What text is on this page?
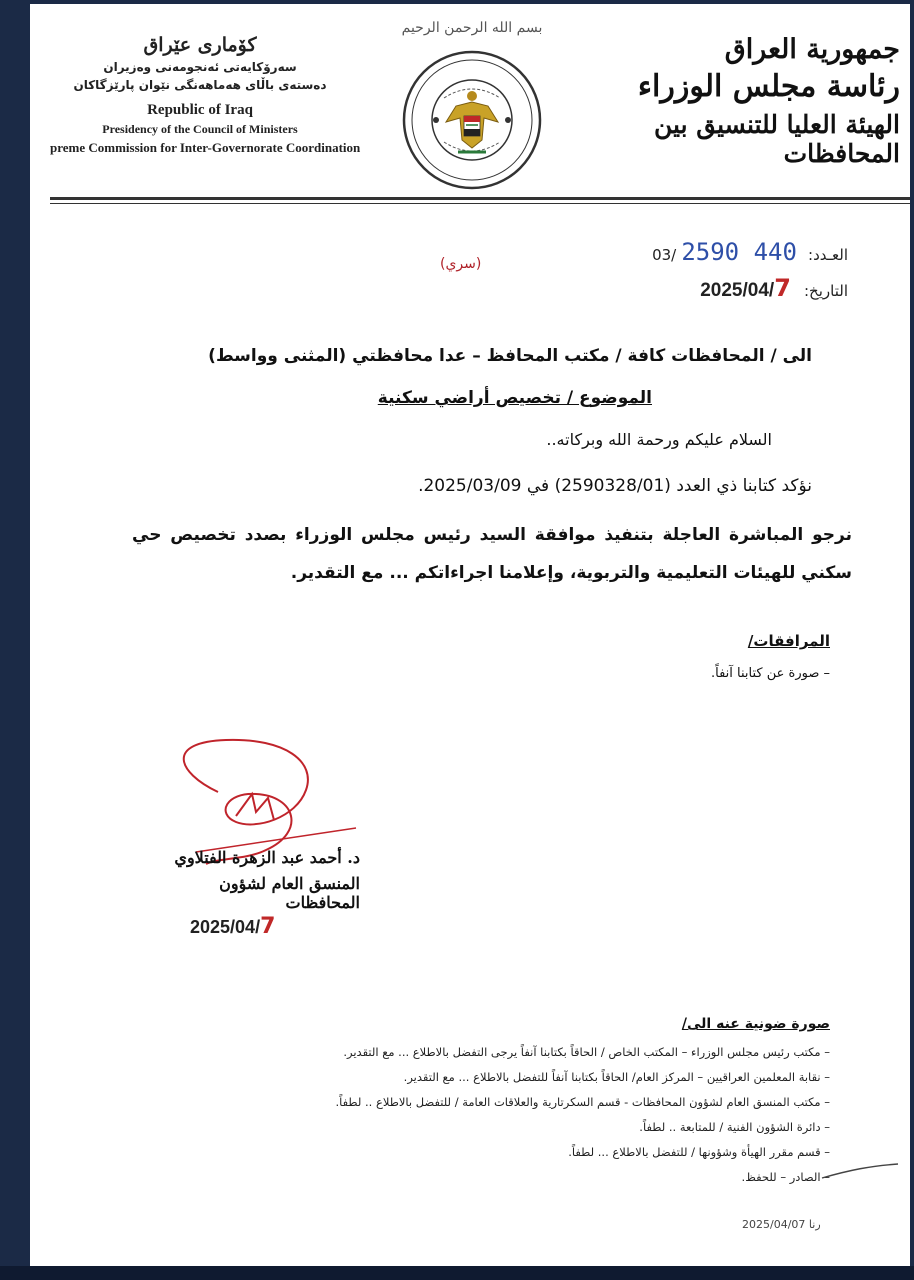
كۆماری عێراق
سەرۆکایەتی ئەنجومەنی وەزیران
دەستەی باڵای هەماهەنگی نێوان پارێزگاکان
Republic of Iraq
Presidency of the Council of Ministers
preme Commission for Inter-Governorate Coordination
بسم الله الرحمن الرحيم
جمهورية العراق
رئاسة مجلس الوزراء
الهيئة العليا للتنسيق بين المحافظات
العـدد: 03/ 2590 440
(سري)
التاريخ: 2025/04/7
الى / المحافظات كافة / مكتب المحافظ – عدا محافظتي (المثنى وواسط)
الموضوع / تخصيص أراضي سكنية
السلام عليكم ورحمة الله وبركاته..
نؤكد كتابنا ذي العدد (2590328/01) في 2025/03/09.
نرجو المباشرة العاجلة بتنفيذ موافقة السيد رئيس مجلس الوزراء بصدد تخصيص حي سكني للهيئات التعليمية والتربوية، وإعلامنا اجراءاتكم ... مع التقدير.
المرافقات/
– صورة عن كتابنا آنفاً.
د. أحمد عبد الزهرة الفتلاوي
المنسق العام لشؤون المحافظات
2025/04/7
صورة ضونية عنه الى/
– مكتب رئيس مجلس الوزراء – المكتب الخاص / الحاقاً بكتابنا آنفاً يرجى التفضل بالاطلاع ... مع التقدير.
– نقابة المعلمين العراقيين – المركز العام/ الحاقاً بكتابنا آنفاً للتفضل بالاطلاع ... مع التقدير.
– مكتب المنسق العام لشؤون المحافظات - قسم السكرتارية والعلاقات العامة / للتفضل بالاطلاع .. لطفاً.
– دائرة الشؤون الفنية / للمتابعة .. لطفاً.
– قسم مقرر الهيأة وشؤونها / للتفضل بالاطلاع ... لطفاً.
– الصادر – للحفظ.
رنا 2025/04/07
